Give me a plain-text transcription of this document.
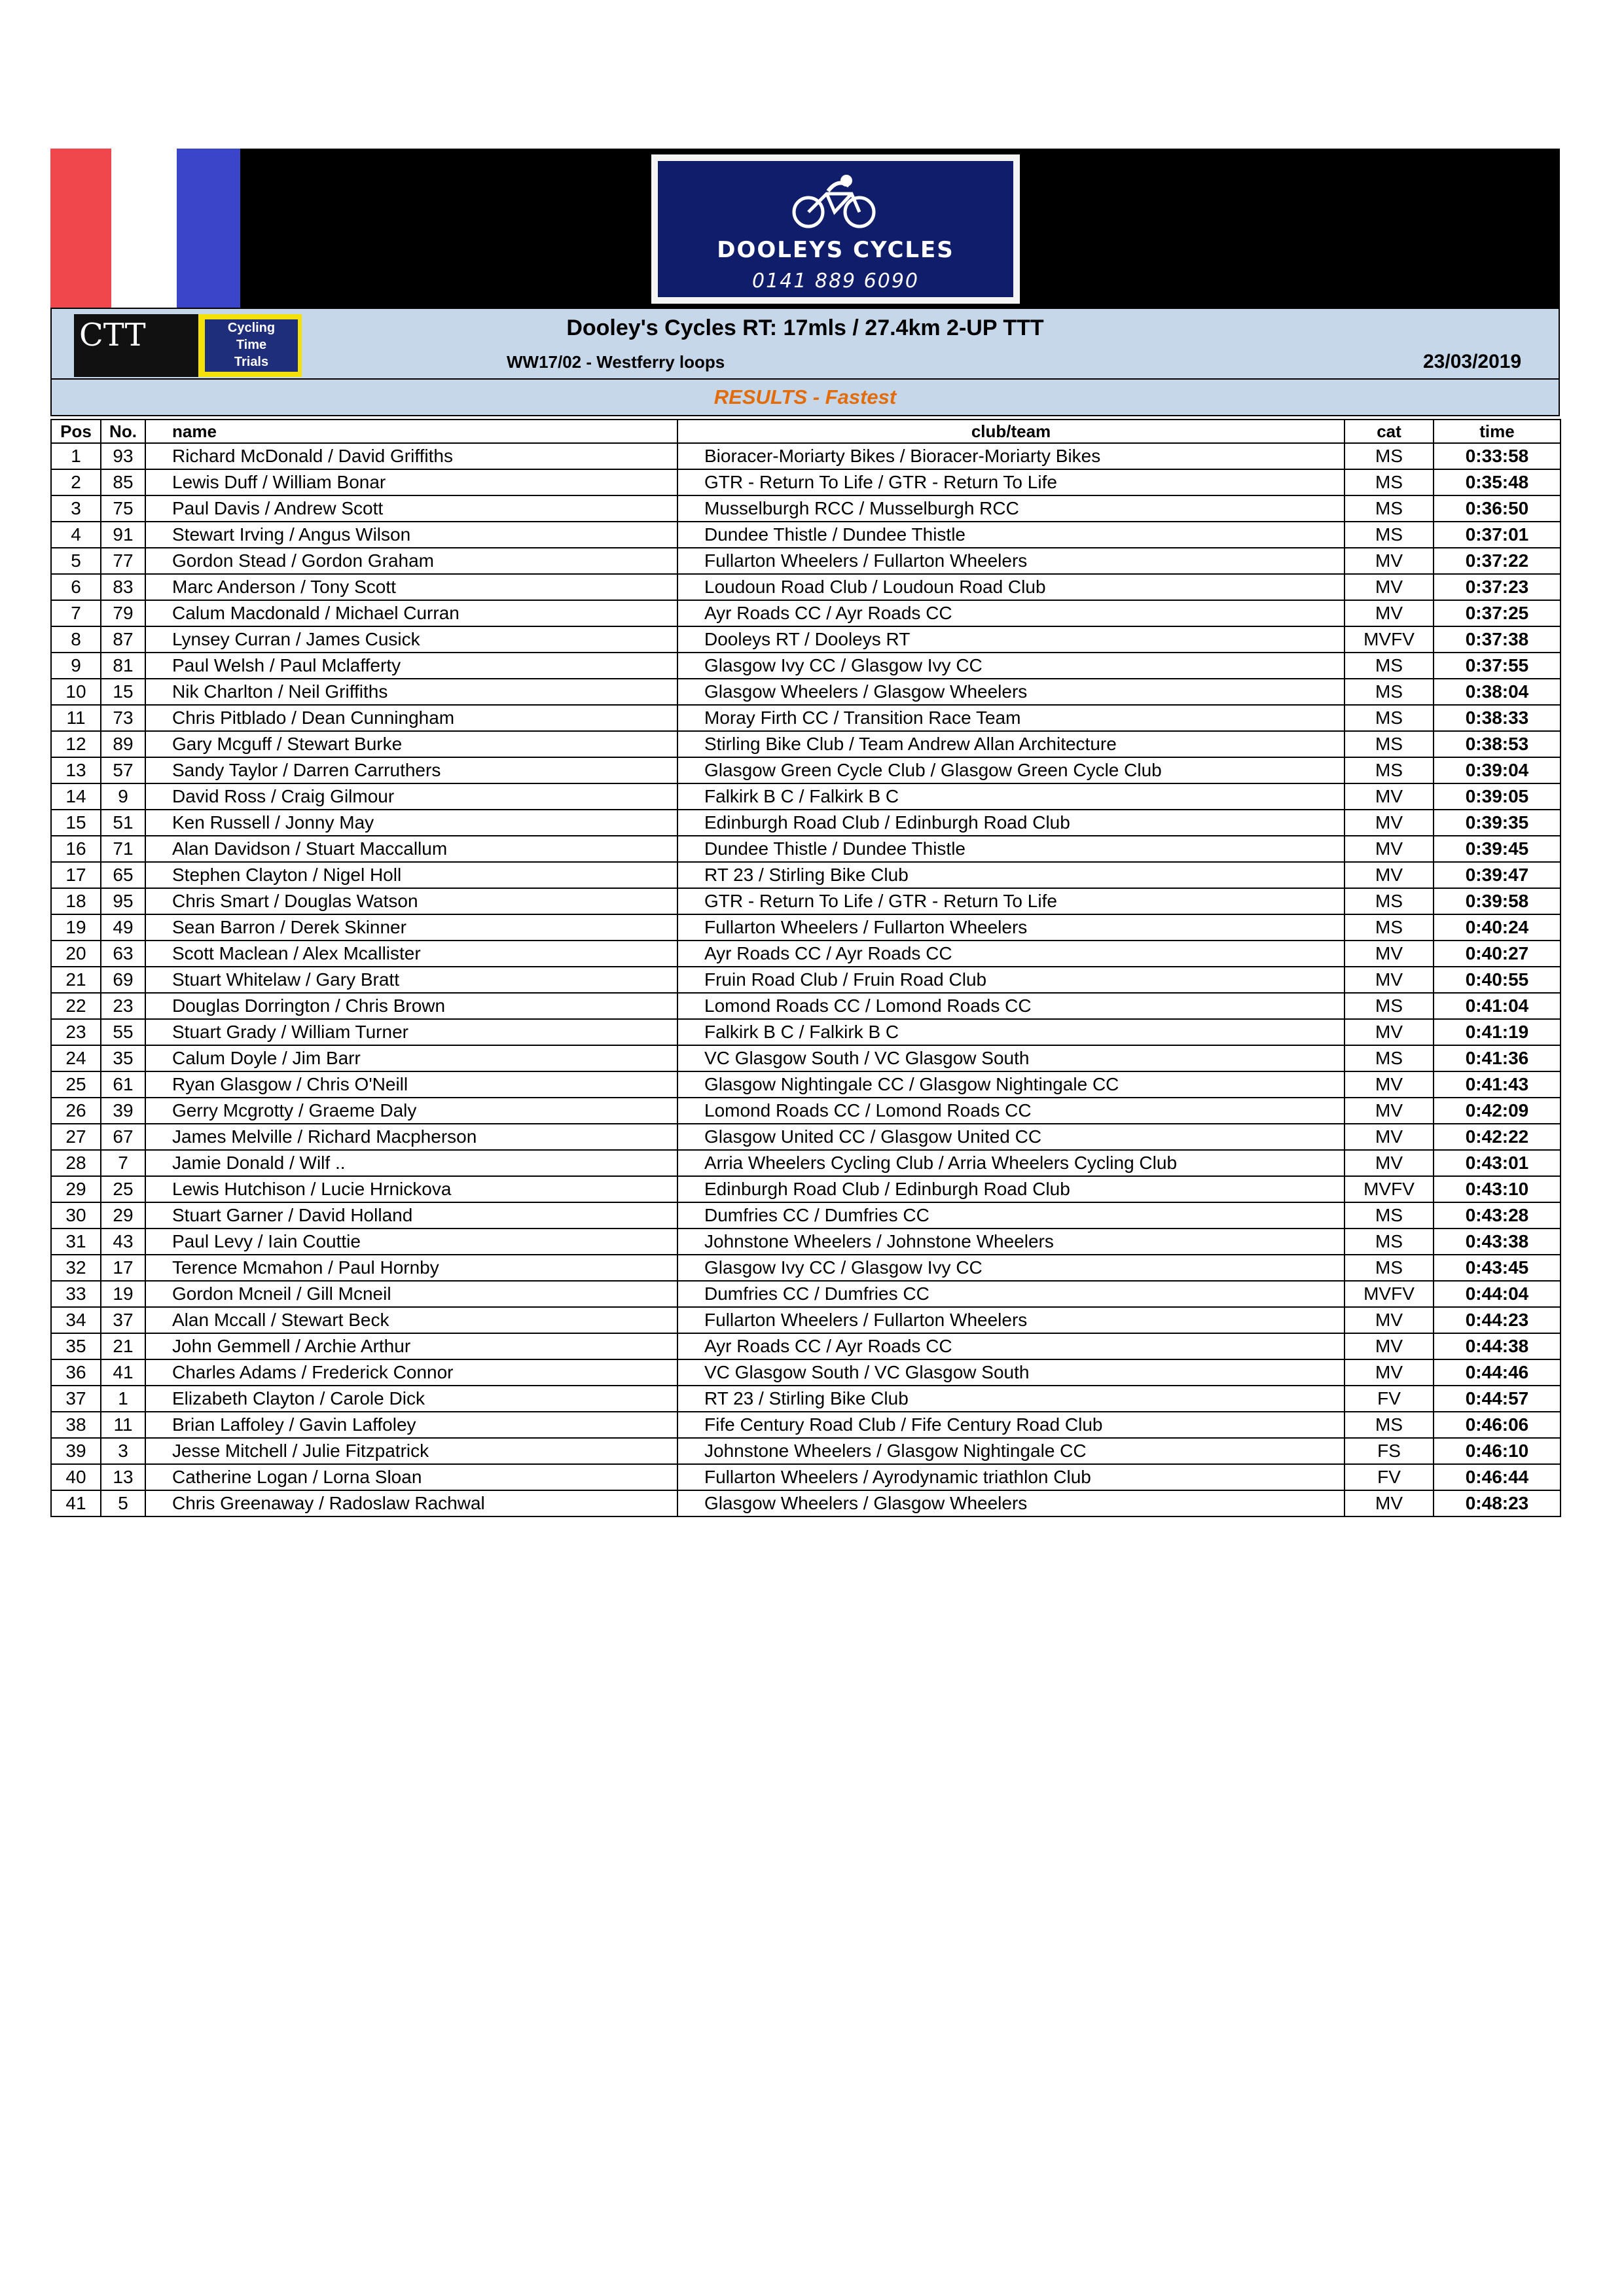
DOOLEYS CYCLES
0141 889 6090
CTT	Cycling
Time
Trials
Dooley's Cycles RT: 17mls / 27.4km 2-UP TTT
WW17/02 - Westferry loops	23/03/2019
RESULTS - Fastest
Pos	No.	name	club/team	cat	time
1	93	Richard McDonald / David Griffiths	Bioracer-Moriarty Bikes / Bioracer-Moriarty Bikes	MS	0:33:58
2	85	Lewis Duff / William Bonar	GTR - Return To Life / GTR - Return To Life	MS	0:35:48
3	75	Paul Davis / Andrew Scott	Musselburgh RCC / Musselburgh RCC	MS	0:36:50
4	91	Stewart Irving / Angus Wilson	Dundee Thistle / Dundee Thistle	MS	0:37:01
5	77	Gordon Stead / Gordon Graham	Fullarton Wheelers / Fullarton Wheelers	MV	0:37:22
6	83	Marc Anderson / Tony Scott	Loudoun Road Club / Loudoun Road Club	MV	0:37:23
7	79	Calum Macdonald / Michael Curran	Ayr Roads CC / Ayr Roads CC	MV	0:37:25
8	87	Lynsey Curran / James Cusick	Dooleys RT / Dooleys RT	MVFV	0:37:38
9	81	Paul Welsh / Paul Mclafferty	Glasgow Ivy CC / Glasgow Ivy CC	MS	0:37:55
10	15	Nik Charlton / Neil Griffiths	Glasgow Wheelers / Glasgow Wheelers	MS	0:38:04
11	73	Chris Pitblado / Dean Cunningham	Moray Firth CC / Transition Race Team	MS	0:38:33
12	89	Gary Mcguff / Stewart Burke	Stirling Bike Club / Team Andrew Allan Architecture	MS	0:38:53
13	57	Sandy Taylor / Darren Carruthers	Glasgow Green Cycle Club / Glasgow Green Cycle Club	MS	0:39:04
14	9	David Ross / Craig Gilmour	Falkirk B C / Falkirk B C	MV	0:39:05
15	51	Ken Russell / Jonny May	Edinburgh Road Club / Edinburgh Road Club	MV	0:39:35
16	71	Alan Davidson / Stuart Maccallum	Dundee Thistle / Dundee Thistle	MV	0:39:45
17	65	Stephen Clayton / Nigel Holl	RT 23 / Stirling Bike Club	MV	0:39:47
18	95	Chris Smart / Douglas Watson	GTR - Return To Life / GTR - Return To Life	MS	0:39:58
19	49	Sean Barron / Derek Skinner	Fullarton Wheelers / Fullarton Wheelers	MS	0:40:24
20	63	Scott Maclean / Alex Mcallister	Ayr Roads CC / Ayr Roads CC	MV	0:40:27
21	69	Stuart Whitelaw / Gary Bratt	Fruin Road Club / Fruin Road Club	MV	0:40:55
22	23	Douglas Dorrington / Chris Brown	Lomond Roads CC / Lomond Roads CC	MS	0:41:04
23	55	Stuart Grady / William Turner	Falkirk B C / Falkirk B C	MV	0:41:19
24	35	Calum Doyle / Jim Barr	VC Glasgow South / VC Glasgow South	MS	0:41:36
25	61	Ryan Glasgow / Chris O'Neill	Glasgow Nightingale CC / Glasgow Nightingale CC	MV	0:41:43
26	39	Gerry Mcgrotty / Graeme Daly	Lomond Roads CC / Lomond Roads CC	MV	0:42:09
27	67	James Melville / Richard Macpherson	Glasgow United CC / Glasgow United CC	MV	0:42:22
28	7	Jamie Donald / Wilf ..	Arria Wheelers Cycling Club / Arria Wheelers Cycling Club	MV	0:43:01
29	25	Lewis Hutchison / Lucie Hrnickova	Edinburgh Road Club / Edinburgh Road Club	MVFV	0:43:10
30	29	Stuart Garner / David Holland	Dumfries CC / Dumfries CC	MS	0:43:28
31	43	Paul Levy / Iain Couttie	Johnstone Wheelers / Johnstone Wheelers	MS	0:43:38
32	17	Terence Mcmahon / Paul Hornby	Glasgow Ivy CC / Glasgow Ivy CC	MS	0:43:45
33	19	Gordon Mcneil / Gill Mcneil	Dumfries CC / Dumfries CC	MVFV	0:44:04
34	37	Alan Mccall / Stewart Beck	Fullarton Wheelers / Fullarton Wheelers	MV	0:44:23
35	21	John Gemmell / Archie Arthur	Ayr Roads CC / Ayr Roads CC	MV	0:44:38
36	41	Charles Adams / Frederick Connor	VC Glasgow South / VC Glasgow South	MV	0:44:46
37	1	Elizabeth Clayton / Carole Dick	RT 23 / Stirling Bike Club	FV	0:44:57
38	11	Brian Laffoley / Gavin Laffoley	Fife Century Road Club / Fife Century Road Club	MS	0:46:06
39	3	Jesse Mitchell / Julie Fitzpatrick	Johnstone Wheelers / Glasgow Nightingale CC	FS	0:46:10
40	13	Catherine Logan / Lorna Sloan	Fullarton Wheelers / Ayrodynamic triathlon Club	FV	0:46:44
41	5	Chris Greenaway / Radoslaw Rachwal	Glasgow Wheelers / Glasgow Wheelers	MV	0:48:23
